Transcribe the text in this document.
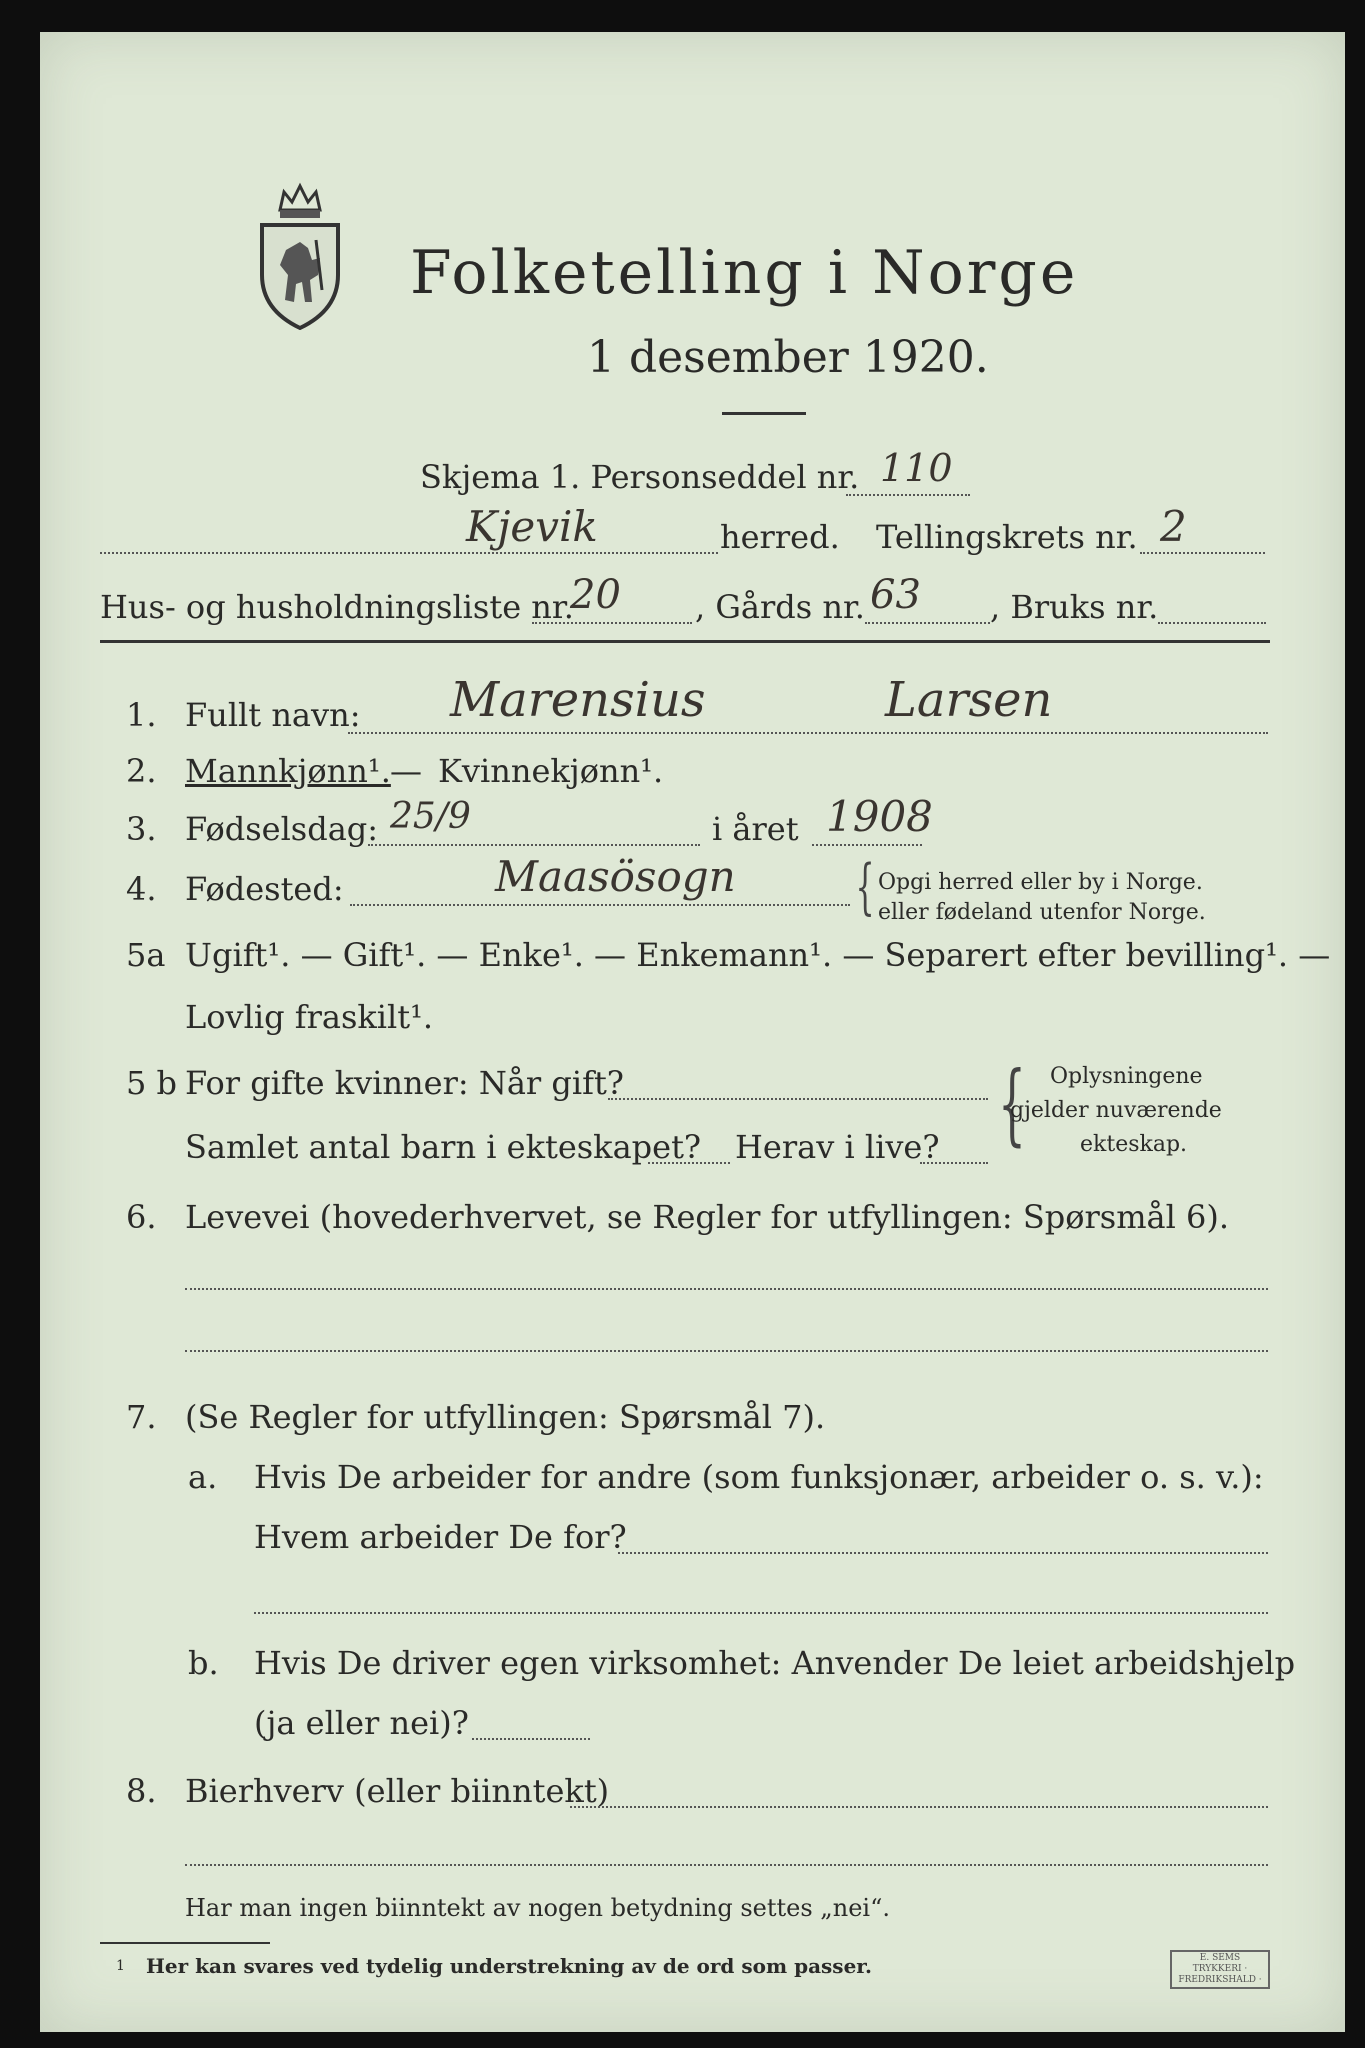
Folketelling i Norge
1 desember 1920.
Skjema 1. Personseddel nr. 110
Kjevik	herred. Tellingskrets nr. 2
Hus- og husholdningsliste nr.
20 , Gårds nr. 63 , Bruks nr.
1. Fullt navn: Marensius	Larsen
2. Mannkjønn¹. — Kvinnekjønn¹.
3. Fødselsdag: 25/9	i året 1908
4. Fødested:	Maasösogn { Opgi herred eller by i Norge.
eller fødeland utenfor Norge.
5a Ugift¹. — Gift¹. — Enke¹. — Enkemann¹. — Separert efter bevilling¹. —
Lovlig fraskilt¹.
5 b For gifte kvinner: Når gift?
Samlet antal barn i ekteskapet? Herav i live? { Oplysningene
gjelder nuværende
ekteskap.
6. Levevei (hovederhvervet, se Regler for utfyllingen: Spørsmål 6).
7. (Se Regler for utfyllingen: Spørsmål 7).
a. Hvis De arbeider for andre (som funksjonær, arbeider o. s. v.):
Hvem arbeider De for?
b. Hvis De driver egen virksomhet: Anvender De leiet arbeidshjelp
(ja eller nei)?
8. Bierhverv (eller biinntekt)
Har man ingen biinntekt av nogen betydning settes „nei“.
1 Her kan svares ved tydelig understrekning av de ord som passer.	E. SEMS TRYKKERI · FREDRIKSHALD ·
